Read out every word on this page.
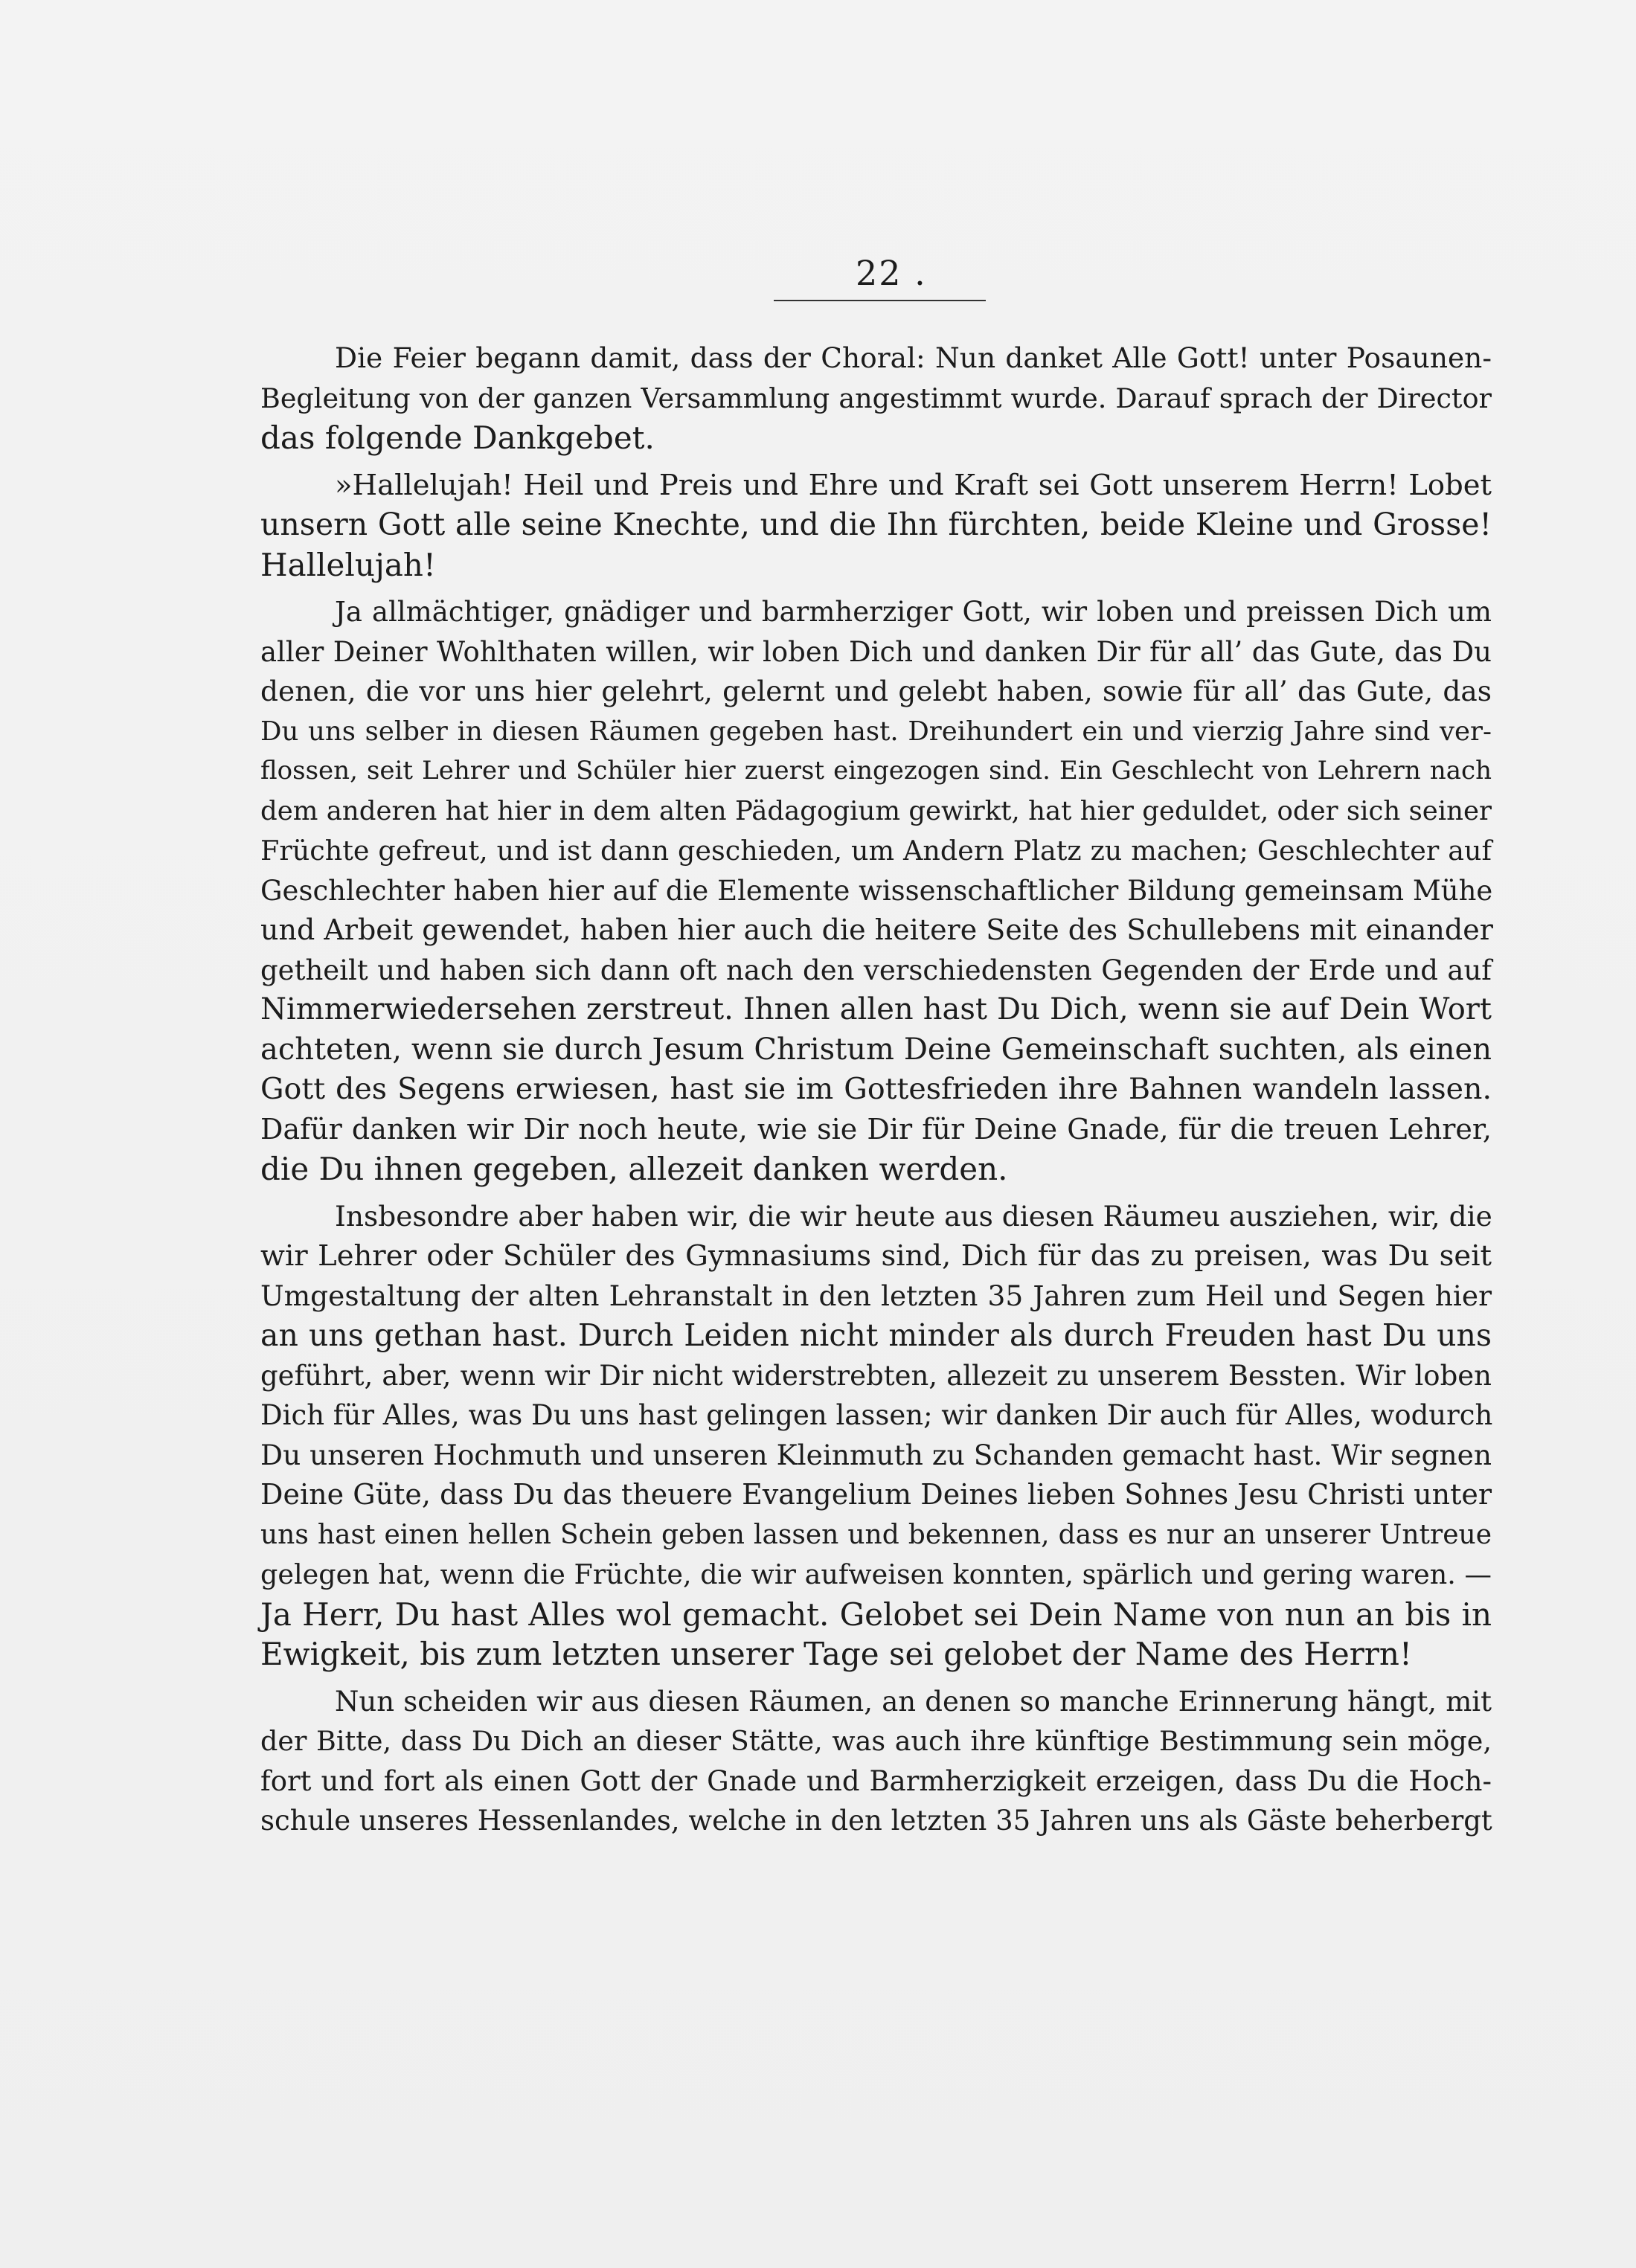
22 .
Die Feier begann damit, dass der Choral: Nun danket Alle Gott! unter Posaunen-
Begleitung von der ganzen Versammlung angestimmt wurde. Darauf sprach der Director
das folgende Dankgebet.
»Hallelujah! Heil und Preis und Ehre und Kraft sei Gott unserem Herrn! Lobet
unsern Gott alle seine Knechte, und die Ihn fürchten, beide Kleine und Grosse!
Hallelujah!
Ja allmächtiger, gnädiger und barmherziger Gott, wir loben und preissen Dich um
aller Deiner Wohlthaten willen, wir loben Dich und danken Dir für all’ das Gute, das Du
denen, die vor uns hier gelehrt, gelernt und gelebt haben, sowie für all’ das Gute, das
Du uns selber in diesen Räumen gegeben hast. Dreihundert ein und vierzig Jahre sind ver-
flossen, seit Lehrer und Schüler hier zuerst eingezogen sind. Ein Geschlecht von Lehrern nach
dem anderen hat hier in dem alten Pädagogium gewirkt, hat hier geduldet, oder sich seiner
Früchte gefreut, und ist dann geschieden, um Andern Platz zu machen; Geschlechter auf
Geschlechter haben hier auf die Elemente wissenschaftlicher Bildung gemeinsam Mühe
und Arbeit gewendet, haben hier auch die heitere Seite des Schullebens mit einander
getheilt und haben sich dann oft nach den verschiedensten Gegenden der Erde und auf
Nimmerwiedersehen zerstreut. Ihnen allen hast Du Dich, wenn sie auf Dein Wort
achteten, wenn sie durch Jesum Christum Deine Gemeinschaft suchten, als einen
Gott des Segens erwiesen, hast sie im Gottesfrieden ihre Bahnen wandeln lassen.
Dafür danken wir Dir noch heute, wie sie Dir für Deine Gnade, für die treuen Lehrer,
die Du ihnen gegeben, allezeit danken werden.
Insbesondre aber haben wir, die wir heute aus diesen Räumeu ausziehen, wir, die
wir Lehrer oder Schüler des Gymnasiums sind, Dich für das zu preisen, was Du seit
Umgestaltung der alten Lehranstalt in den letzten 35 Jahren zum Heil und Segen hier
an uns gethan hast. Durch Leiden nicht minder als durch Freuden hast Du uns
geführt, aber, wenn wir Dir nicht widerstrebten, allezeit zu unserem Bessten. Wir loben
Dich für Alles, was Du uns hast gelingen lassen; wir danken Dir auch für Alles, wodurch
Du unseren Hochmuth und unseren Kleinmuth zu Schanden gemacht hast. Wir segnen
Deine Güte, dass Du das theuere Evangelium Deines lieben Sohnes Jesu Christi unter
uns hast einen hellen Schein geben lassen und bekennen, dass es nur an unserer Untreue
gelegen hat, wenn die Früchte, die wir aufweisen konnten, spärlich und gering waren. —
Ja Herr, Du hast Alles wol gemacht. Gelobet sei Dein Name von nun an bis in
Ewigkeit, bis zum letzten unserer Tage sei gelobet der Name des Herrn!
Nun scheiden wir aus diesen Räumen, an denen so manche Erinnerung hängt, mit
der Bitte, dass Du Dich an dieser Stätte, was auch ihre künftige Bestimmung sein möge,
fort und fort als einen Gott der Gnade und Barmherzigkeit erzeigen, dass Du die Hoch-
schule unseres Hessenlandes, welche in den letzten 35 Jahren uns als Gäste beherbergt
